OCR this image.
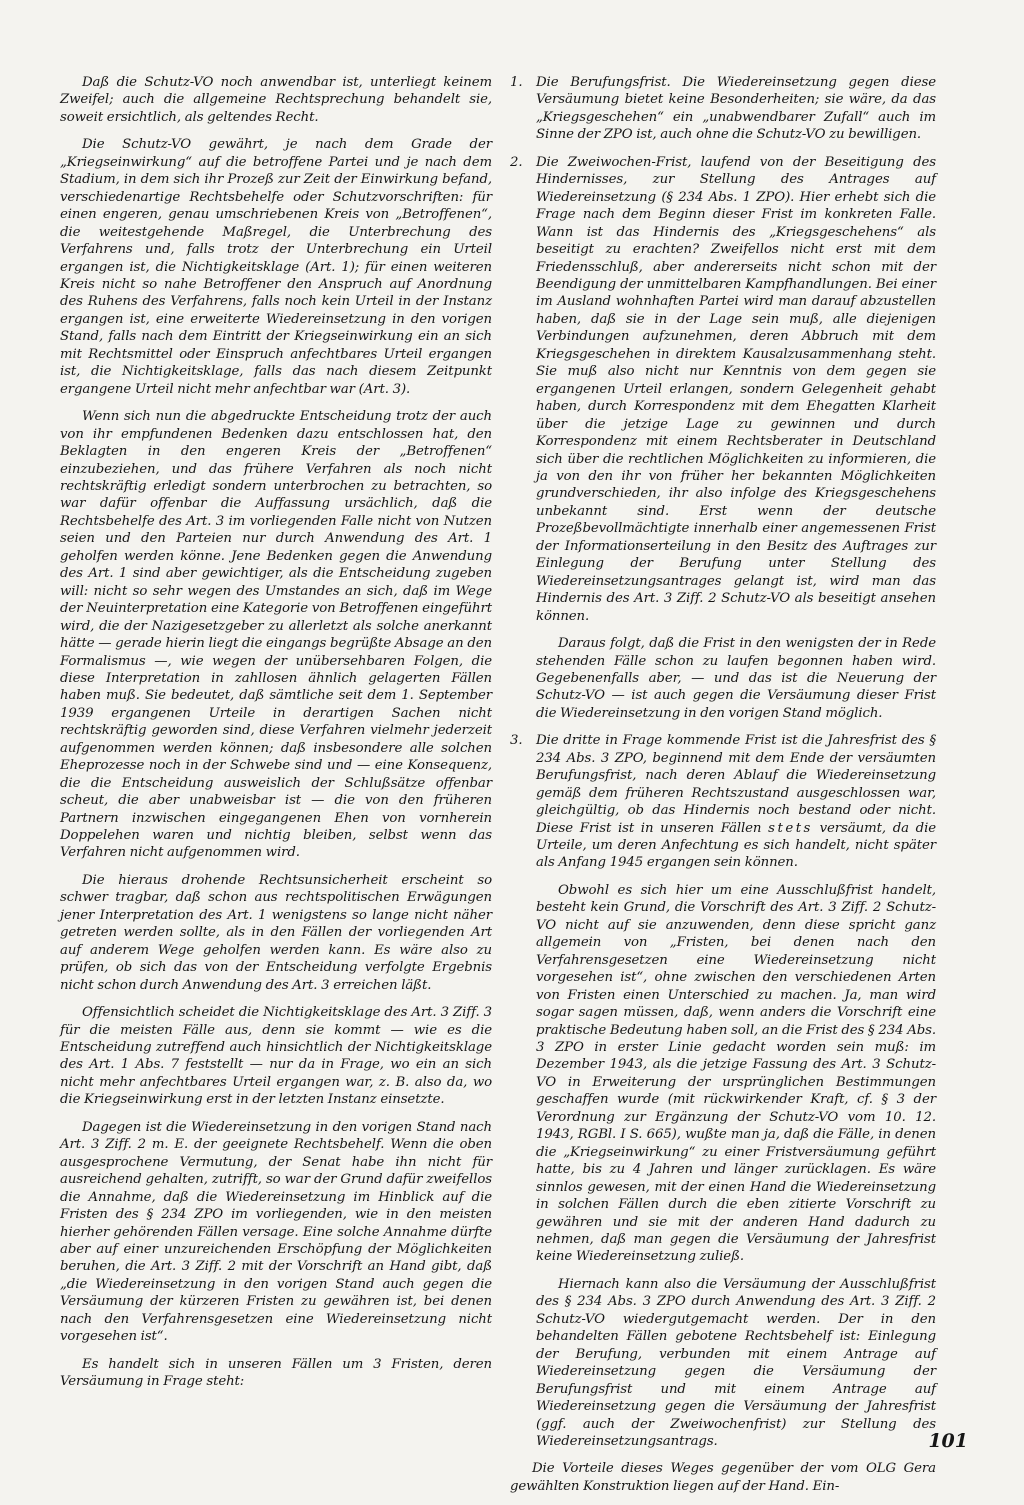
Daß die Schutz-VO noch anwendbar ist, unterliegt keinem Zweifel; auch die allgemeine Rechtsprechung behandelt sie, soweit ersichtlich, als geltendes Recht.

Die Schutz-VO gewährt, je nach dem Grade der „Kriegseinwirkung“ auf die betroffene Partei und je nach dem Stadium, in dem sich ihr Prozeß zur Zeit der Einwirkung befand, verschiedenartige Rechtsbehelfe oder Schutzvorschriften: für einen engeren, genau umschriebenen Kreis von „Betroffenen“, die weitestgehende Maßregel, die Unterbrechung des Verfahrens und, falls trotz der Unterbrechung ein Urteil ergangen ist, die Nichtigkeitsklage (Art. 1); für einen weiteren Kreis nicht so nahe Betroffener den Anspruch auf Anordnung des Ruhens des Verfahrens, falls noch kein Urteil in der Instanz ergangen ist, eine erweiterte Wiedereinsetzung in den vorigen Stand, falls nach dem Eintritt der Kriegseinwirkung ein an sich mit Rechtsmittel oder Einspruch anfechtbares Urteil ergangen ist, die Nichtigkeitsklage, falls das nach diesem Zeitpunkt ergangene Urteil nicht mehr anfechtbar war (Art. 3).

Wenn sich nun die abgedruckte Entscheidung trotz der auch von ihr empfundenen Bedenken dazu entschlossen hat, den Beklagten in den engeren Kreis der „Betroffenen“ einzubeziehen, und das frühere Verfahren als noch nicht rechtskräftig erledigt sondern unterbrochen zu betrachten, so war dafür offenbar die Auffassung ursächlich, daß die Rechtsbehelfe des Art. 3 im vorliegenden Falle nicht von Nutzen seien und den Parteien nur durch Anwendung des Art. 1 geholfen werden könne. Jene Bedenken gegen die Anwendung des Art. 1 sind aber gewichtiger, als die Entscheidung zugeben will: nicht so sehr wegen des Umstandes an sich, daß im Wege der Neuinterpretation eine Kategorie von Betroffenen eingeführt wird, die der Nazigesetzgeber zu allerletzt als solche anerkannt hätte — gerade hierin liegt die eingangs begrüßte Absage an den Formalismus —, wie wegen der unübersehbaren Folgen, die diese Interpretation in zahllosen ähnlich gelagerten Fällen haben muß. Sie bedeutet, daß sämtliche seit dem 1. September 1939 ergangenen Urteile in derartigen Sachen nicht rechtskräftig geworden sind, diese Verfahren vielmehr jederzeit aufgenommen werden können; daß insbesondere alle solchen Eheprozesse noch in der Schwebe sind und — eine Konsequenz, die die Entscheidung ausweislich der Schlußsätze offenbar scheut, die aber unabweisbar ist — die von den früheren Partnern inzwischen eingegangenen Ehen von vornherein Doppelehen waren und nichtig bleiben, selbst wenn das Verfahren nicht aufgenommen wird.

Die hieraus drohende Rechtsunsicherheit erscheint so schwer tragbar, daß schon aus rechtspolitischen Erwägungen jener Interpretation des Art. 1 wenigstens so lange nicht näher getreten werden sollte, als in den Fällen der vorliegenden Art auf anderem Wege geholfen werden kann. Es wäre also zu prüfen, ob sich das von der Entscheidung verfolgte Ergebnis nicht schon durch Anwendung des Art. 3 erreichen läßt.

Offensichtlich scheidet die Nichtigkeitsklage des Art. 3 Ziff. 3 für die meisten Fälle aus, denn sie kommt — wie es die Entscheidung zutreffend auch hinsichtlich der Nichtigkeitsklage des Art. 1 Abs. 7 feststellt — nur da in Frage, wo ein an sich nicht mehr anfechtbares Urteil ergangen war, z. B. also da, wo die Kriegseinwirkung erst in der letzten Instanz einsetzte.

Dagegen ist die Wiedereinsetzung in den vorigen Stand nach Art. 3 Ziff. 2 m. E. der geeignete Rechtsbehelf. Wenn die oben ausgesprochene Vermutung, der Senat habe ihn nicht für ausreichend gehalten, zutrifft, so war der Grund dafür zweifellos die Annahme, daß die Wiedereinsetzung im Hinblick auf die Fristen des § 234 ZPO im vorliegenden, wie in den meisten hierher gehörenden Fällen versage. Eine solche Annahme dürfte aber auf einer unzureichenden Erschöpfung der Möglichkeiten beruhen, die Art. 3 Ziff. 2 mit der Vorschrift an Hand gibt, daß „die Wiedereinsetzung in den vorigen Stand auch gegen die Versäumung der kürzeren Fristen zu gewähren ist, bei denen nach den Verfahrensgesetzen eine Wiedereinsetzung nicht vorgesehen ist“.

Es handelt sich in unseren Fällen um 3 Fristen, deren Versäumung in Frage steht:

1. Die Berufungsfrist. Die Wiedereinsetzung gegen diese Versäumung bietet keine Besonderheiten; sie wäre, da das „Kriegsgeschehen“ ein „unabwendbarer Zufall“ auch im Sinne der ZPO ist, auch ohne die Schutz-VO zu bewilligen.
2. Die Zweiwochen-Frist, laufend von der Beseitigung des Hindernisses, zur Stellung des Antrages auf Wiedereinsetzung (§ 234 Abs. 1 ZPO). Hier erhebt sich die Frage nach dem Beginn dieser Frist im konkreten Falle. Wann ist das Hindernis des „Kriegsgeschehens“ als beseitigt zu erachten? Zweifellos nicht erst mit dem Friedensschluß, aber andererseits nicht schon mit der Beendigung der unmittelbaren Kampfhandlungen. Bei einer im Ausland wohnhaften Partei wird man darauf abzustellen haben, daß sie in der Lage sein muß, alle diejenigen Verbindungen aufzunehmen, deren Abbruch mit dem Kriegsgeschehen in direktem Kausalzusammenhang steht. Sie muß also nicht nur Kenntnis von dem gegen sie ergangenen Urteil erlangen, sondern Gelegenheit gehabt haben, durch Korrespondenz mit dem Ehegatten Klarheit über die jetzige Lage zu gewinnen und durch Korrespondenz mit einem Rechtsberater in Deutschland sich über die rechtlichen Möglichkeiten zu informieren, die ja von den ihr von früher her bekannten Möglichkeiten grundverschieden, ihr also infolge des Kriegsgeschehens unbekannt sind. Erst wenn der deutsche Prozeßbevollmächtigte innerhalb einer angemessenen Frist der Informationserteilung in den Besitz des Auftrages zur Einlegung der Berufung unter Stellung des Wiedereinsetzungsantrages gelangt ist, wird man das Hindernis des Art. 3 Ziff. 2 Schutz-VO als beseitigt ansehen können.

Daraus folgt, daß die Frist in den wenigsten der in Rede stehenden Fälle schon zu laufen begonnen haben wird. Gegebenenfalls aber, — und das ist die Neuerung der Schutz-VO — ist auch gegen die Versäumung dieser Frist die Wiedereinsetzung in den vorigen Stand möglich.

3. Die dritte in Frage kommende Frist ist die Jahresfrist des § 234 Abs. 3 ZPO, beginnend mit dem Ende der versäumten Berufungsfrist, nach deren Ablauf die Wiedereinsetzung gemäß dem früheren Rechtszustand ausgeschlossen war, gleichgültig, ob das Hindernis noch bestand oder nicht. Diese Frist ist in unseren Fällen stets versäumt, da die Urteile, um deren Anfechtung es sich handelt, nicht später als Anfang 1945 ergangen sein können.

Obwohl es sich hier um eine Ausschlußfrist handelt, besteht kein Grund, die Vorschrift des Art. 3 Ziff. 2 Schutz-VO nicht auf sie anzuwenden, denn diese spricht ganz allgemein von „Fristen, bei denen nach den Verfahrensgesetzen eine Wiedereinsetzung nicht vorgesehen ist“, ohne zwischen den verschiedenen Arten von Fristen einen Unterschied zu machen. Ja, man wird sogar sagen müssen, daß, wenn anders die Vorschrift eine praktische Bedeutung haben soll, an die Frist des § 234 Abs. 3 ZPO in erster Linie gedacht worden sein muß: im Dezember 1943, als die jetzige Fassung des Art. 3 Schutz-VO in Erweiterung der ursprünglichen Bestimmungen geschaffen wurde (mit rückwirkender Kraft, cf. § 3 der Verordnung zur Ergänzung der Schutz-VO vom 10. 12. 1943, RGBl. I S. 665), wußte man ja, daß die Fälle, in denen die „Kriegseinwirkung“ zu einer Fristversäumung geführt hatte, bis zu 4 Jahren und länger zurücklagen. Es wäre sinnlos gewesen, mit der einen Hand die Wiedereinsetzung in solchen Fällen durch die eben zitierte Vorschrift zu gewähren und sie mit der anderen Hand dadurch zu nehmen, daß man gegen die Versäumung der Jahresfrist keine Wiedereinsetzung zuließ.

Hiernach kann also die Versäumung der Ausschlußfrist des § 234 Abs. 3 ZPO durch Anwendung des Art. 3 Ziff. 2 Schutz-VO wiedergutgemacht werden. Der in den behandelten Fällen gebotene Rechtsbehelf ist: Einlegung der Berufung, verbunden mit einem Antrage auf Wiedereinsetzung gegen die Versäumung der Berufungsfrist und mit einem Antrage auf Wiedereinsetzung gegen die Versäumung der Jahresfrist (ggf. auch der Zweiwochenfrist) zur Stellung des Wiedereinsetzungsantrags.

Die Vorteile dieses Weges gegenüber der vom OLG Gera gewählten Konstruktion liegen auf der Hand. Ein-

101
